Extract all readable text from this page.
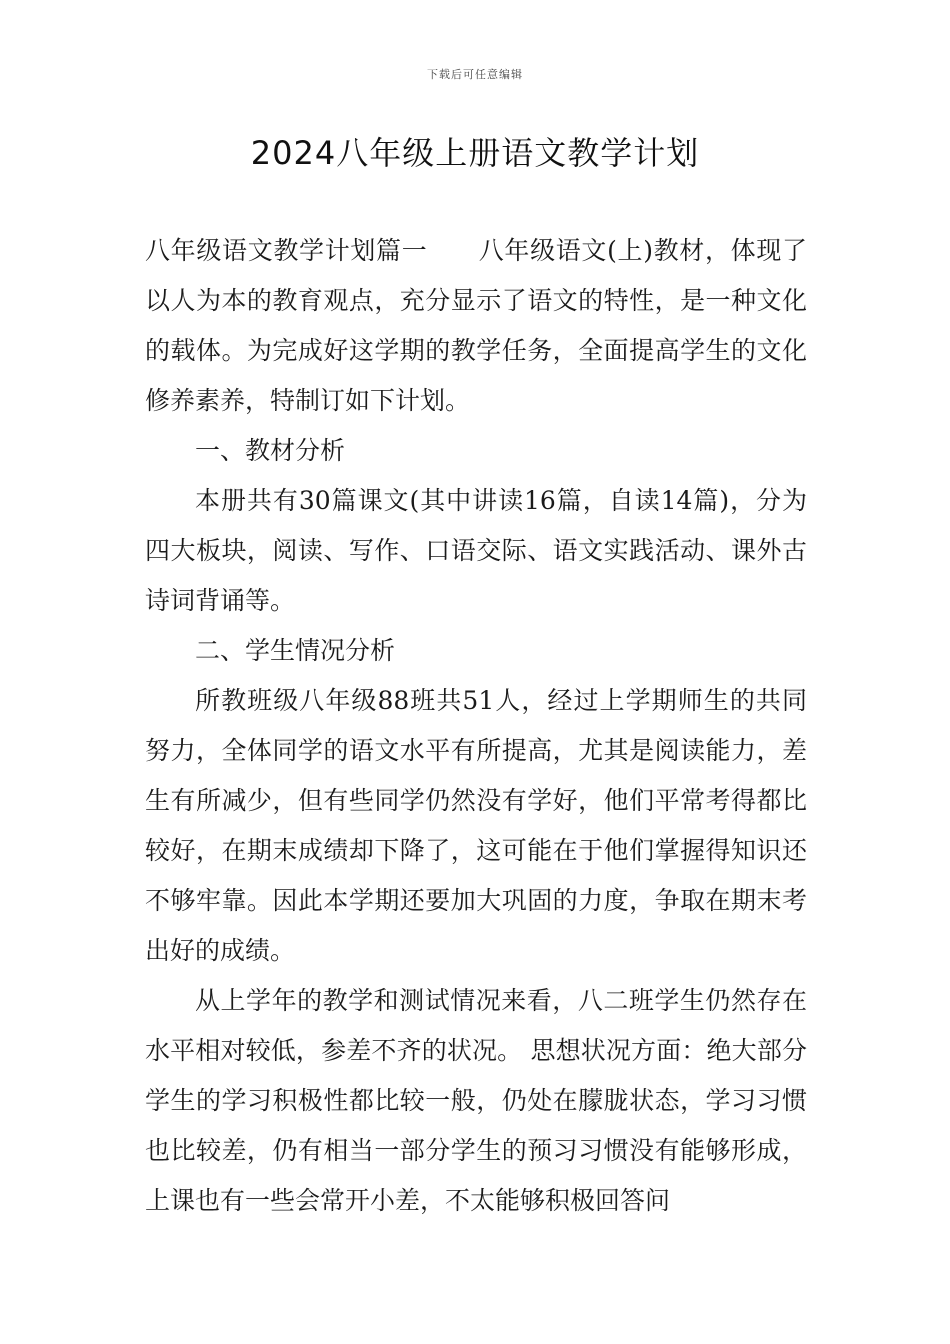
下载后可任意编辑
2024八年级上册语文教学计划

八年级语文教学计划篇一　　八年级语文(上)教材，体现了以人为本的教育观点，充分显示了语文的特性，是一种文化的载体。为完成好这学期的教学任务，全面提高学生的文化修养素养，特制订如下计划。

一、教材分析

本册共有30篇课文(其中讲读16篇，自读14篇)，分为四大板块，阅读、写作、口语交际、语文实践活动、课外古诗词背诵等。

二、学生情况分析

所教班级八年级88班共51人，经过上学期师生的共同努力，全体同学的语文水平有所提高，尤其是阅读能力，差生有所减少，但有些同学仍然没有学好，他们平常考得都比较好，在期末成绩却下降了，这可能在于他们掌握得知识还不够牢靠。因此本学期还要加大巩固的力度，争取在期末考出好的成绩。

从上学年的教学和测试情况来看，八二班学生仍然存在水平相对较低，参差不齐的状况。 思想状况方面：绝大部分学生的学习积极性都比较一般，仍处在朦胧状态，学习习惯也比较差，仍有相当一部分学生的预习习惯没有能够形成，上课也有一些会常开小差，不太能够积极回答问
